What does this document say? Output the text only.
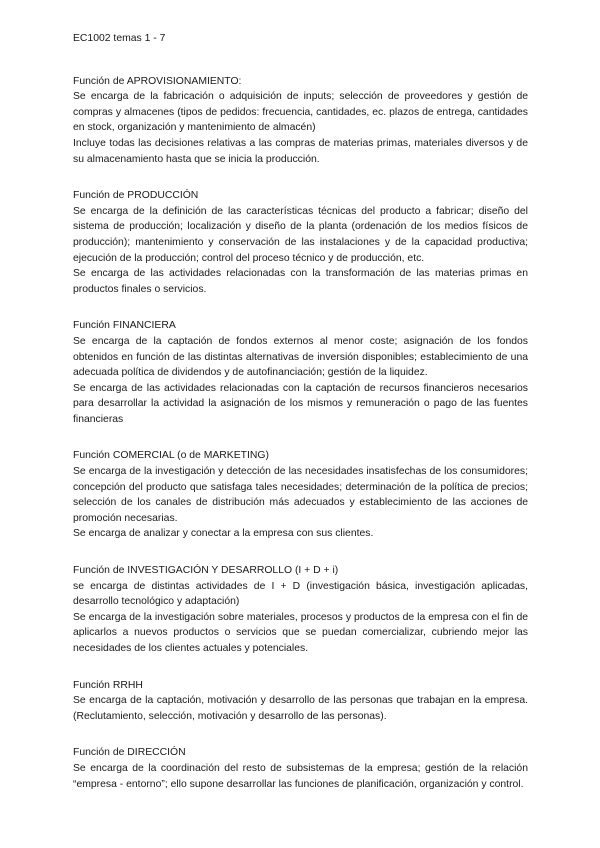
EC1002 temas 1 - 7
Función de APROVISIONAMIENTO:

Se encarga de la fabricación o adquisición de inputs; selección de proveedores y gestión de compras y almacenes (tipos de pedidos: frecuencia, cantidades, ec. plazos de entrega, cantidades en stock, organización y mantenimiento de almacén)

Incluye todas las decisiones relativas a las compras de materias primas, materiales diversos y de su almacenamiento hasta que se inicia la producción.

Función de PRODUCCIÓN

Se encarga de la definición de las características técnicas del producto a fabricar; diseño del sistema de producción; localización y diseño de la planta (ordenación de los medios físicos de producción); mantenimiento y conservación de las instalaciones y de la capacidad productiva; ejecución de la producción; control del proceso técnico y de producción, etc.

Se encarga de las actividades relacionadas con la transformación de las materias primas en productos finales o servicios.

Función FINANCIERA

Se encarga de la captación de fondos externos al menor coste; asignación de los fondos obtenidos en función de las distintas alternativas de inversión disponibles; establecimiento de una adecuada política de dividendos y de autofinanciación; gestión de la liquidez.

Se encarga de las actividades relacionadas con la captación de recursos financieros necesarios para desarrollar la actividad la asignación de los mismos y remuneración o pago de las fuentes financieras

Función COMERCIAL (o de MARKETING)

Se encarga de la investigación y detección de las necesidades insatisfechas de los consumidores; concepción del producto que satisfaga tales necesidades; determinación de la política de precios; selección de los canales de distribución más adecuados y establecimiento de las acciones de promoción necesarias.

Se encarga de analizar y conectar a la empresa con sus clientes.

Función de INVESTIGACIÓN Y DESARROLLO (I + D + i)

se encarga de distintas actividades de I + D (investigación básica, investigación aplicadas, desarrollo tecnológico y adaptación)

Se encarga de la investigación sobre materiales, procesos y productos de la empresa con el fin de aplicarlos a nuevos productos o servicios que se puedan comercializar, cubriendo mejor las necesidades de los clientes actuales y potenciales.

Función RRHH

Se encarga de la captación, motivación y desarrollo de las personas que trabajan en la empresa. (Reclutamiento, selección, motivación y desarrollo de las personas).

Función de DIRECCIÓN

Se encarga de la coordinación del resto de subsistemas de la empresa; gestión de la relación “empresa - entorno”; ello supone desarrollar las funciones de planificación, organización y control.
